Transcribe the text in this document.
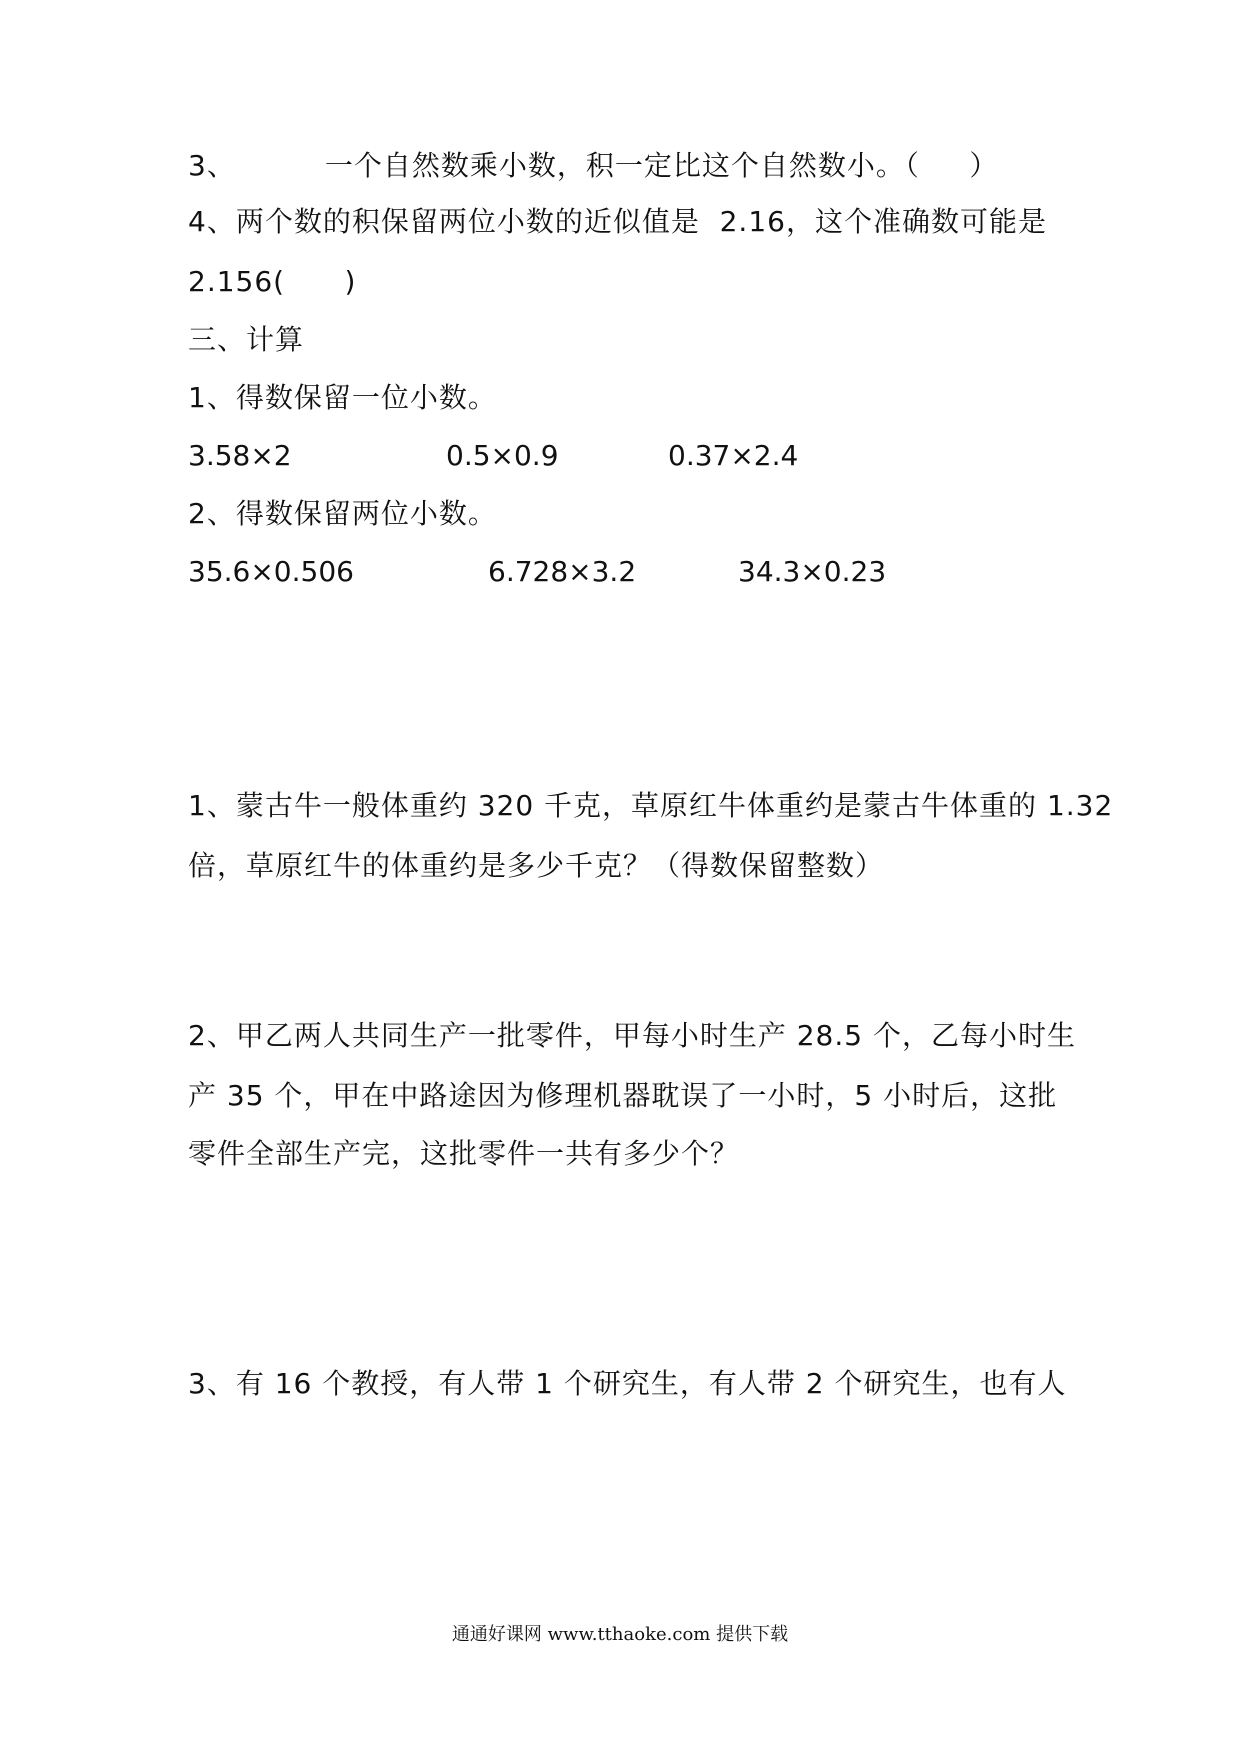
3、         一个自然数乘小数，积一定比这个自然数小。（     ）
4、两个数的积保留两位小数的近似值是  2.16，这个准确数可能是
2.156(      )
三、计算
1、得数保留一位小数。
3.58×2	0.5×0.9	0.37×2.4
2、得数保留两位小数。
35.6×0.506	6.728×3.2	34.3×0.23
1、蒙古牛一般体重约 320 千克，草原红牛体重约是蒙古牛体重的 1.32
倍，草原红牛的体重约是多少千克？（得数保留整数）
2、甲乙两人共同生产一批零件，甲每小时生产 28.5 个，乙每小时生
产 35 个，甲在中路途因为修理机器耽误了一小时，5 小时后，这批
零件全部生产完，这批零件一共有多少个？
3、有 16 个教授，有人带 1 个研究生，有人带 2 个研究生，也有人
通通好课网 www.tthaoke.com 提供下载
